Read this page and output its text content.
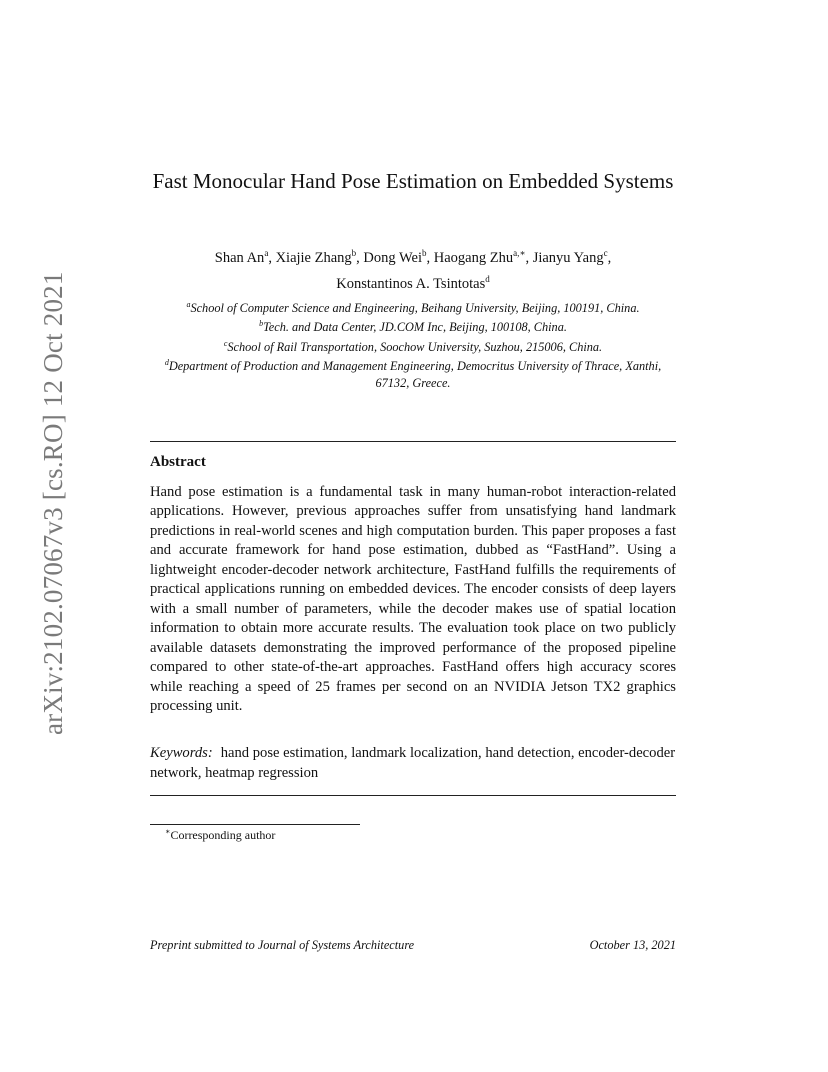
arXiv:2102.07067v3 [cs.RO] 12 Oct 2021
Fast Monocular Hand Pose Estimation on Embedded Systems
Shan An$^a$, Xiajie Zhang$^b$, Dong Wei$^b$, Haogang Zhu$^{a,∗}$, Jianyu Yang$^c$,
Konstantinos A. Tsintotas$^d$
$^a$School of Computer Science and Engineering, Beihang University, Beijing, 100191, China.
$^b$Tech. and Data Center, JD.COM Inc, Beijing, 100108, China.
$^c$School of Rail Transportation, Soochow University, Suzhou, 215006, China.
$^d$Department of Production and Management Engineering, Democritus University of Thrace, Xanthi, 67132, Greece.
Abstract

Hand pose estimation is a fundamental task in many human-robot interaction-related applications. However, previous approaches suffer from unsatisfying hand landmark predictions in real-world scenes and high computation burden. This paper proposes a fast and accurate framework for hand pose estimation, dubbed as “FastHand”. Using a lightweight encoder-decoder network architecture, FastHand fulfills the requirements of practical applications running on embedded devices. The encoder consists of deep layers with a small number of parameters, while the decoder makes use of spatial location information to obtain more accurate results. The evaluation took place on two publicly available datasets demonstrating the improved performance of the proposed pipeline compared to other state-of-the-art approaches. FastHand offers high accuracy scores while reaching a speed of 25 frames per second on an NVIDIA Jetson TX2 graphics processing unit.

Keywords: hand pose estimation, landmark localization, hand detection, encoder-decoder network, heatmap regression
∗Corresponding author
Preprint submitted to Journal of Systems Architecture	October 13, 2021
